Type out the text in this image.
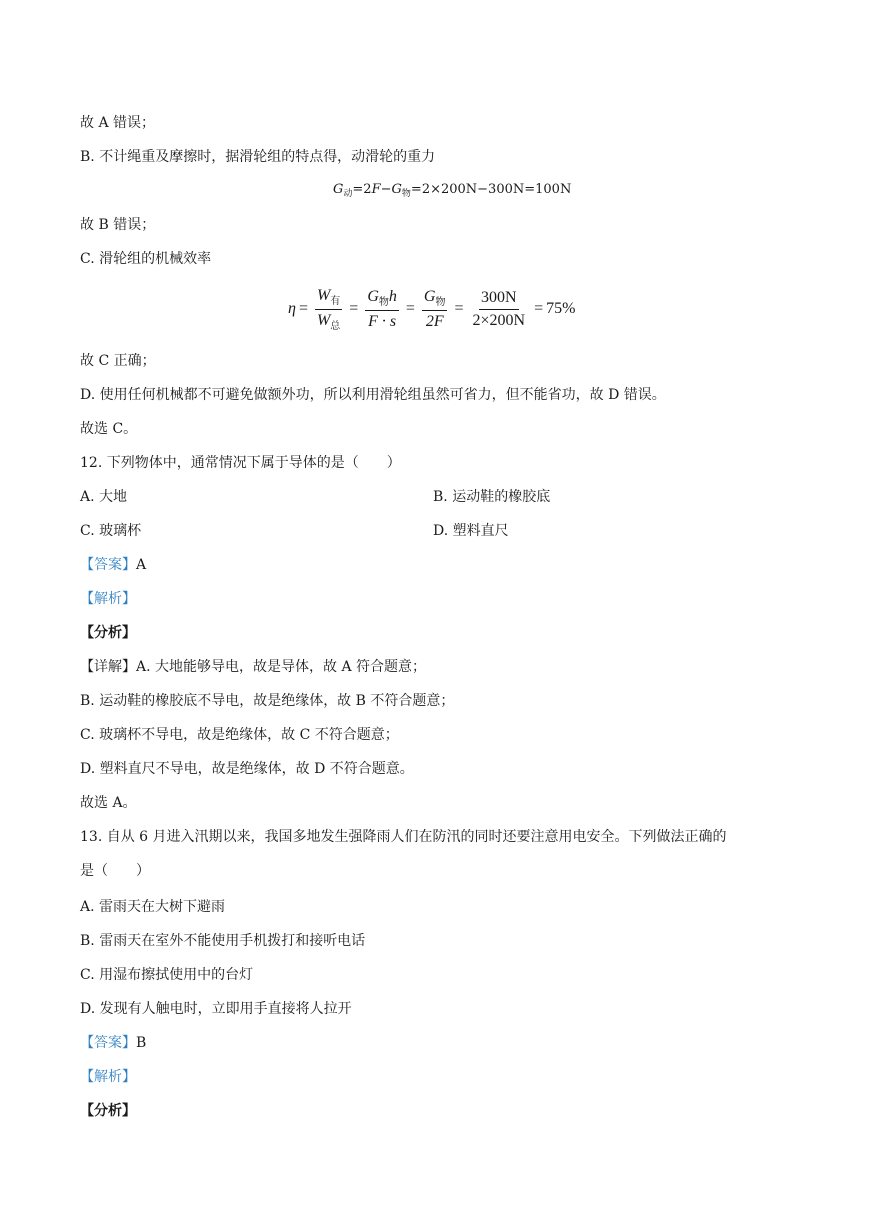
故 A 错误；
B. 不计绳重及摩擦时，据滑轮组的特点得，动滑轮的重力
$G_动=2F-G_物=2\times 200N-300N=100N$
故 B 错误；
C. 滑轮组的机械效率
$\eta = \frac{W_有}{W_总} = \frac{G_物h}{F \cdot s} = \frac{G_物}{2F} = \frac{300N}{2\times 200N} = 75\%$
故 C 正确；
D. 使用任何机械都不可避免做额外功，所以利用滑轮组虽然可省力，但不能省功，故 D 错误。
故选 C。
12. 下列物体中，通常情况下属于导体的是（　　）
A. 大地	B. 运动鞋的橡胶底
C. 玻璃杯	D. 塑料直尺
【答案】A
【解析】
【分析】
【详解】A. 大地能够导电，故是导体，故 A 符合题意；
B. 运动鞋的橡胶底不导电，故是绝缘体，故 B 不符合题意；
C. 玻璃杯不导电，故是绝缘体，故 C 不符合题意；
D. 塑料直尺不导电，故是绝缘体，故 D 不符合题意。
故选 A。
13. 自从 6 月进入汛期以来，我国多地发生强降雨人们在防汛的同时还要注意用电安全。下列做法正确的
是（　　）
A. 雷雨天在大树下避雨
B. 雷雨天在室外不能使用手机拨打和接听电话
C. 用湿布擦拭使用中的台灯
D. 发现有人触电时，立即用手直接将人拉开
【答案】B
【解析】
【分析】
